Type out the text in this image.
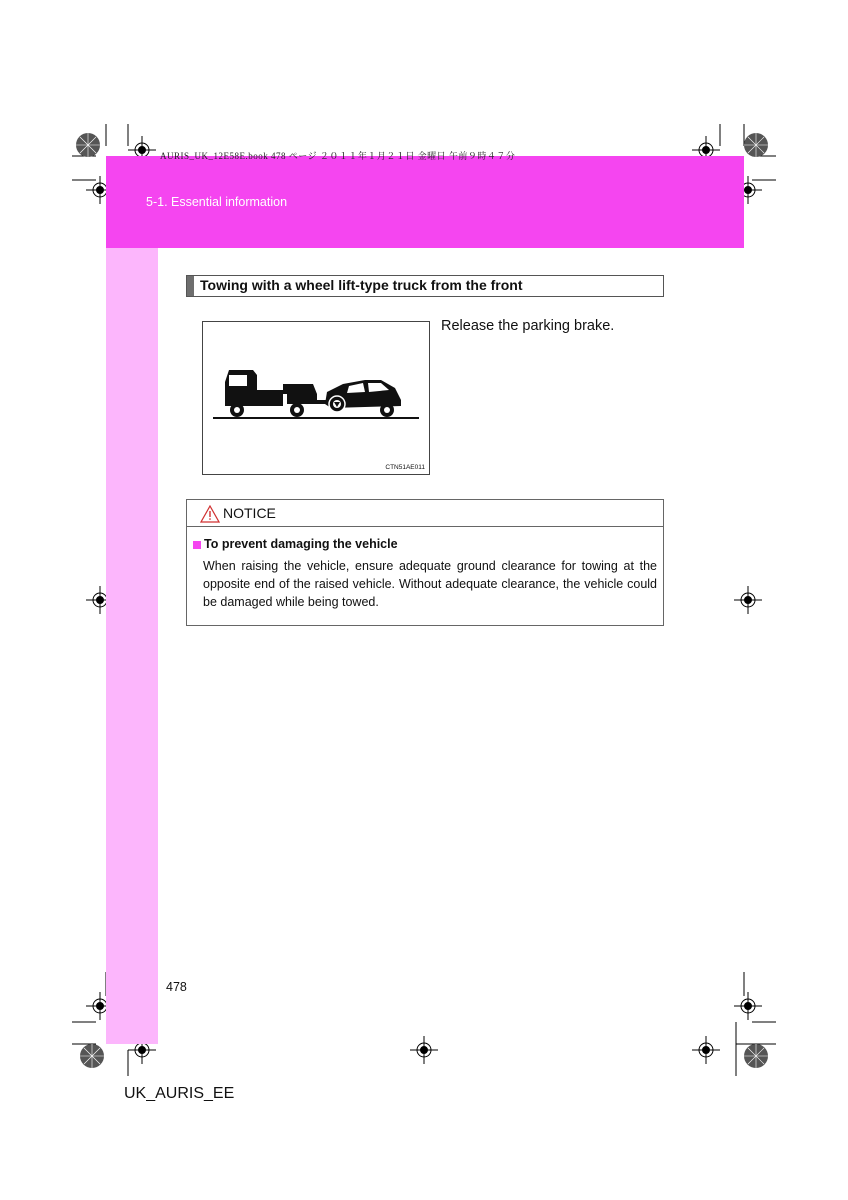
AURIS_UK_12E58E.book 478 ページ ２０１１年１月２１日 金曜日 午前９時４７分
5-1. Essential information
Towing with a wheel lift-type truck from the front
CTN51AE011
Release the parking brake.
NOTICE
To prevent damaging the vehicle
When raising the vehicle, ensure adequate ground clearance for towing at the opposite end of the raised vehicle. Without adequate clearance, the vehicle could be damaged while being towed.
478
UK_AURIS_EE
